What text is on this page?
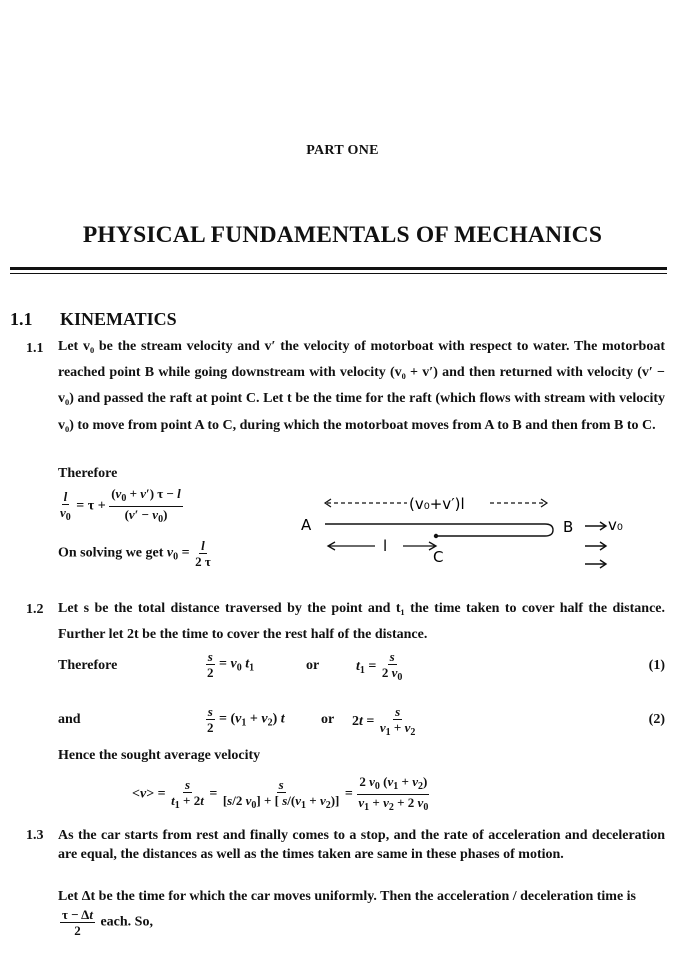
PART ONE
PHYSICAL FUNDAMENTALS OF MECHANICS
1.1 KINEMATICS
1.1 Let v₀ be the stream velocity and v′ the velocity of motorboat with respect to water. The motorboat reached point B while going downstream with velocity (v₀ + v′) and then returned with velocity (v′ − v₀) and passed the raft at point C. Let t be the time for the raft (which flows with stream with velocity v₀) to move from point A to C, during which the motorboat moves from A to B and then from B to C.
Therefore
$\frac{l}{v_0} = \tau + \frac{(v_0 + v') \tau - l}{(v' - v_0)}$
On solving we get $v_0 = \frac{l}{2 \tau}$
(v₀+v′)l
A	B v₀
l
C
1.2 Let s be the total distance traversed by the point and t₁ the time taken to cover half the distance. Further let 2t be the time to cover the rest half of the distance.
Therefore	$\frac{s}{2} = v_0$ $t_1$	or	$t_1 = \frac{s}{2 v_0}$	(1)
and	$\frac{s}{2} = (v_1 + v_2)$ t	or $2t = \frac{s}{v_1 + v_2}$	(2)
Hence the sought average velocity
$<v> = \frac{s}{t_1 + 2t} = \frac{s}{[s/2 v_0] + [ s/(v_1 + v_2)]} = \frac{2 v_0 (v_1 + v_2)}{v_1 + v_2 + 2 v_0}$
1.3 As the car starts from rest and finally comes to a stop, and the rate of acceleration and deceleration are equal, the distances as well as the times taken are same in these phases of motion.
Let Δt be the time for which the car moves uniformly. Then the acceleration / deceleration time is
$\frac{\tau - \Delta t}{2}$ each. So,
